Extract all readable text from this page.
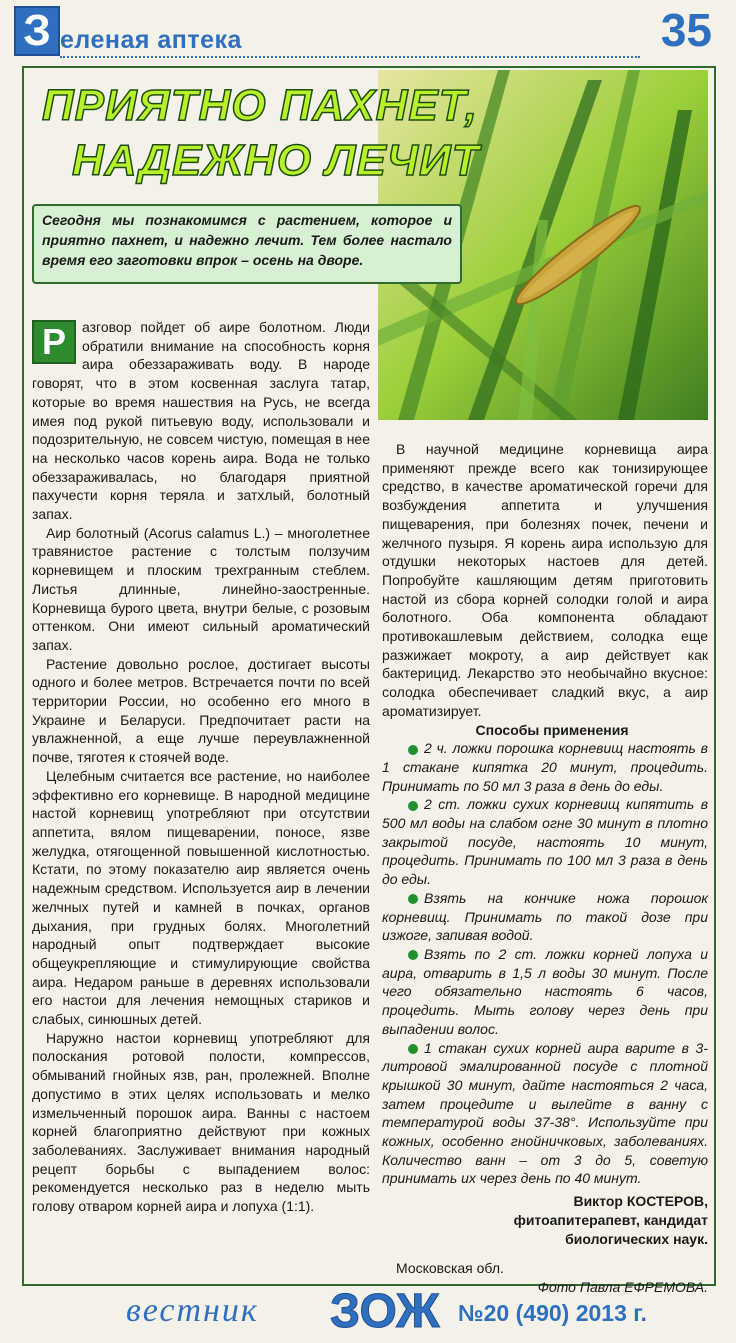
З еленая аптека	35
ПРИЯТНО ПАХНЕТ,
НАДЕЖНО ЛЕЧИТ
Сегодня мы познакомимся с растением, которое и приятно пахнет, и надежно лечит. Тем более настало время его заготовки впрок – осень на дворе.

Р	азговор пойдет об аире болотном. Люди обратили внимание на способность корня аира обеззараживать воду. В народе говорят, что в этом косвенная заслуга татар, которые во время нашествия на Русь, не всегда имея под рукой питьевую воду, использовали и подозрительную, не совсем чистую, помещая в нее на несколько часов корень аира. Вода не только обеззараживалась, но благодаря приятной пахучести корня теряла и затхлый, болотный запах.

Аир болотный (Acorus calamus L.) – многолетнее травянистое растение с толстым ползучим корневищем и плоским трехгранным стеблем. Листья длинные, линейно-заостренные. Корневища бурого цвета, внутри белые, с розовым оттенком. Они имеют сильный ароматический запах.

Растение довольно рослое, достигает высоты одного и более метров. Встречается почти по всей территории России, но особенно его много в Украине и Беларуси. Предпочитает расти на увлажненной, а еще лучше переувлажненной почве, тяготея к стоячей воде.

Целебным считается все растение, но наиболее эффективно его корневище. В народной медицине настой корневищ употребляют при отсутствии аппетита, вялом пищеварении, поносе, язве желудка, отягощенной повышенной кислотностью. Кстати, по этому показателю аир является очень надежным средством. Используется аир в лечении желчных путей и камней в почках, органов дыхания, при грудных болях. Многолетний народный опыт подтверждает высокие общеукрепляющие и стимулирующие свойства аира. Недаром раньше в деревнях использовали его настои для лечения немощных стариков и слабых, синюшных детей.

Наружно настои корневищ употребляют для полоскания ротовой полости, компрессов, обмываний гнойных язв, ран, пролежней. Вполне допустимо в этих целях использовать и мелко измельченный порошок аира. Ванны с настоем корней благоприятно действуют при кожных заболеваниях. Заслуживает внимания народный рецепт борьбы с выпадением волос: рекомендуется несколько раз в неделю мыть голову отваром корней аира и лопуха (1:1).

В научной медицине корневища аира применяют прежде всего как тонизирующее средство, в качестве ароматической горечи для возбуждения аппетита и улучшения пищеварения, при болезнях почек, печени и желчного пузыря. Я корень аира использую для отдушки некоторых настоев для детей. Попробуйте кашляющим детям приготовить настой из сбора корней солодки голой и аира болотного. Оба компонента обладают противокашлевым действием, солодка еще разжижает мокроту, а аир действует как бактерицид. Лекарство это необычайно вкусное: солодка обеспечивает сладкий вкус, а аир ароматизирует.

Способы применения

2 ч. ложки порошка корневищ настоять в 1 стакане кипятка 20 минут, процедить. Принимать по 50 мл 3 раза в день до еды.

2 ст. ложки сухих корневищ кипятить в 500 мл воды на слабом огне 30 минут в плотно закрытой посуде, настоять 10 минут, процедить. Принимать по 100 мл 3 раза в день до еды.

Взять на кончике ножа порошок корневищ. Принимать по такой дозе при изжоге, запивая водой.

Взять по 2 ст. ложки корней лопуха и аира, отварить в 1,5 л воды 30 минут. После чего обязательно настоять 6 часов, процедить. Мыть голову через день при выпадении волос.

1 стакан сухих корней аира варите в 3-литровой эмалированной посуде с плотной крышкой 30 минут, дайте настояться 2 часа, затем процедите и вылейте в ванну с температурой воды 37-38°. Используйте при кожных, особенно гнойничковых, заболеваниях. Количество ванн – от 3 до 5, советую принимать их через день по 40 минут.

Виктор КОСТЕРОВ,
фитоапитерапевт, кандидат
биологических наук.

Московская обл.

Фото Павла ЕФРЕМОВА.

вестник ЗОЖ №20 (490) 2013 г.
